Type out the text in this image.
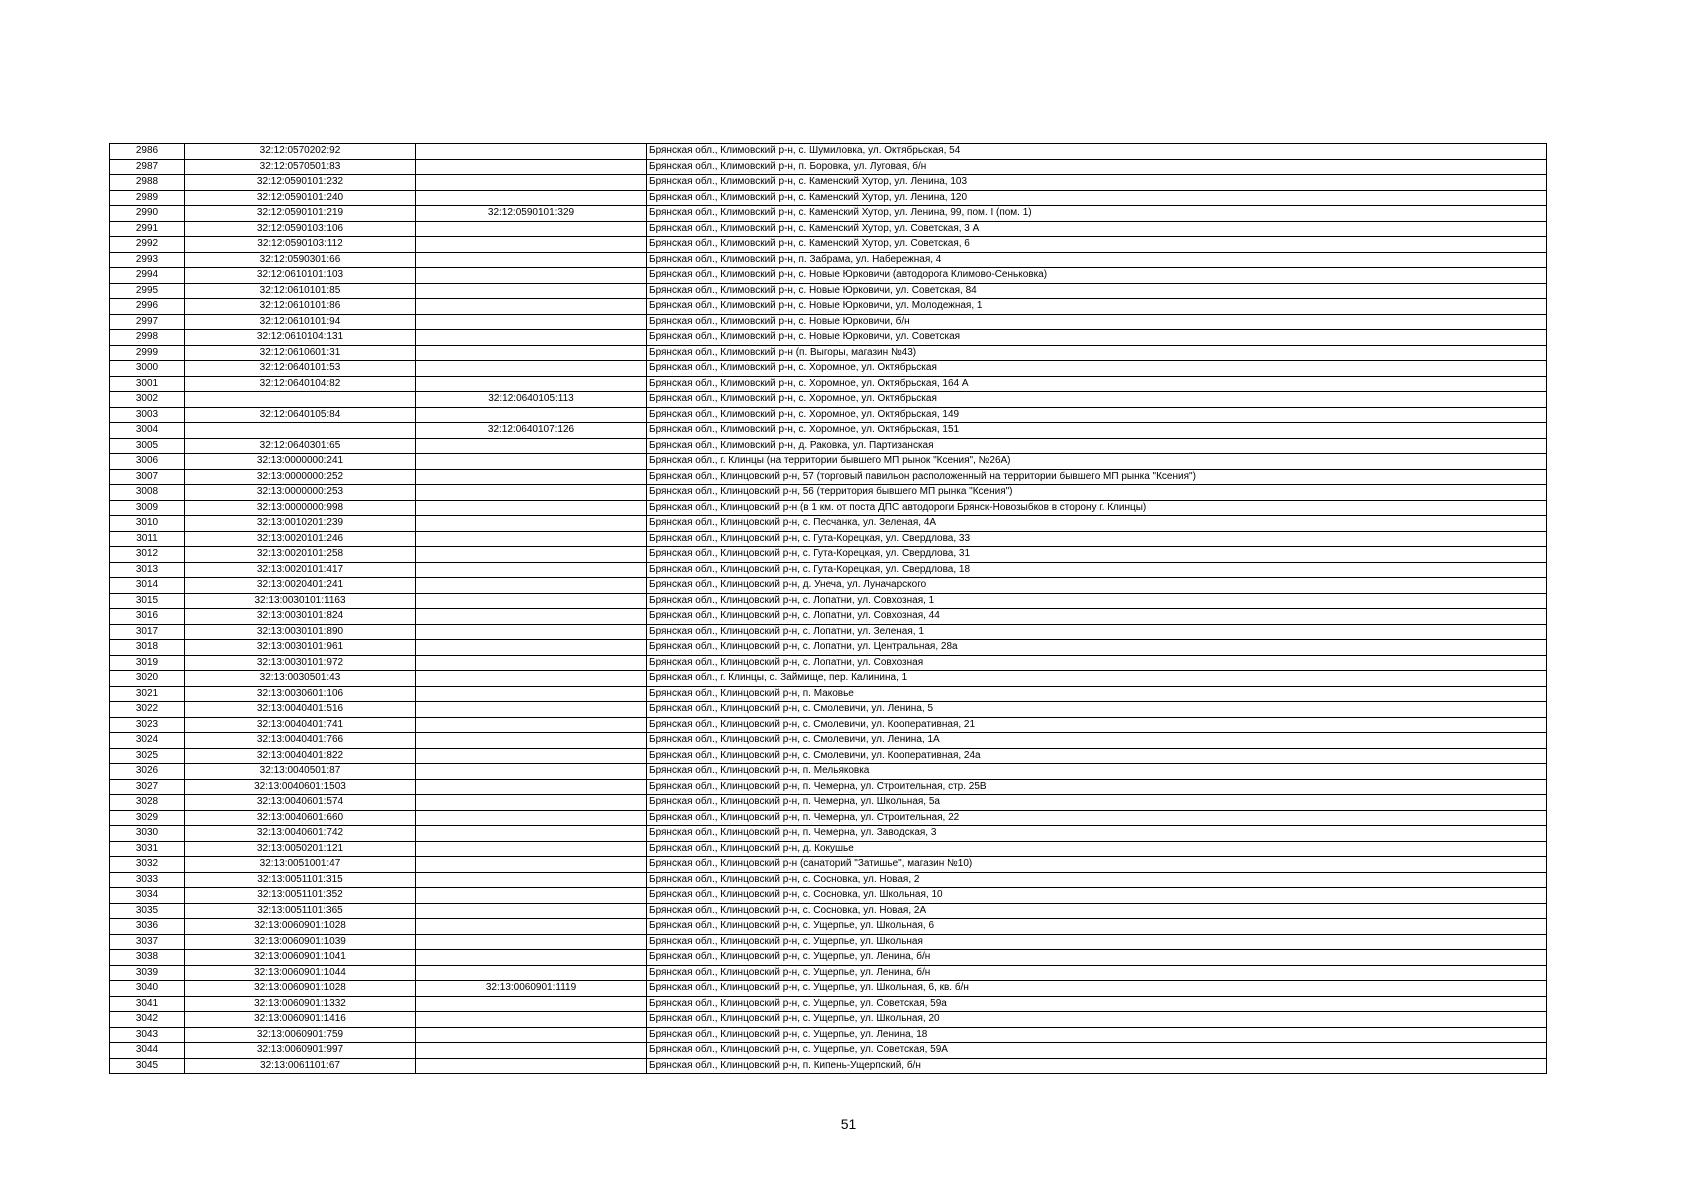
2986	32:12:0570202:92		Брянская обл., Климовский р-н, с. Шумиловка, ул. Октябрьская, 54
2987	32:12:0570501:83		Брянская обл., Климовский р-н, п. Боровка, ул. Луговая, б/н
2988	32:12:0590101:232		Брянская обл., Климовский р-н, с. Каменский Хутор, ул. Ленина, 103
2989	32:12:0590101:240		Брянская обл., Климовский р-н, с. Каменский Хутор, ул. Ленина, 120
2990	32:12:0590101:219	32:12:0590101:329	Брянская обл., Климовский р-н, с. Каменский Хутор, ул. Ленина, 99, пом. I (пом. 1)
2991	32:12:0590103:106		Брянская обл., Климовский р-н, с. Каменский Хутор, ул. Советская, 3 А
2992	32:12:0590103:112		Брянская обл., Климовский р-н, с. Каменский Хутор, ул. Советская, 6
2993	32:12:0590301:66		Брянская обл., Климовский р-н, п. Забрама, ул. Набережная, 4
2994	32:12:0610101:103		Брянская обл., Климовский р-н, с. Новые Юрковичи (автодорога Климово-Сеньковка)
2995	32:12:0610101:85		Брянская обл., Климовский р-н, с. Новые Юрковичи, ул. Советская, 84
2996	32:12:0610101:86		Брянская обл., Климовский р-н, с. Новые Юрковичи, ул. Молодежная, 1
2997	32:12:0610101:94		Брянская обл., Климовский р-н, с. Новые Юрковичи, б/н
2998	32:12:0610104:131		Брянская обл., Климовский р-н, с. Новые Юрковичи, ул. Советская
2999	32:12:0610601:31		Брянская обл., Климовский р-н (п. Выгоры, магазин №43)
3000	32:12:0640101:53		Брянская обл., Климовский р-н, с. Хоромное, ул. Октябрьская
3001	32:12:0640104:82		Брянская обл., Климовский р-н, с. Хоромное, ул. Октябрьская, 164 А
3002		32:12:0640105:113	Брянская обл., Климовский р-н, с. Хоромное, ул. Октябрьская
3003	32:12:0640105:84		Брянская обл., Климовский р-н, с. Хоромное, ул. Октябрьская, 149
3004		32:12:0640107:126	Брянская обл., Климовский р-н, с. Хоромное, ул. Октябрьская, 151
3005	32:12:0640301:65		Брянская обл., Климовский р-н, д. Раковка, ул. Партизанская
3006	32:13:0000000:241		Брянская обл., г. Клинцы (на территории бывшего МП рынок "Ксения", №26А)
3007	32:13:0000000:252		Брянская обл., Клинцовский р-н, 57 (торговый павильон расположенный на территории бывшего МП рынка "Ксения")
3008	32:13:0000000:253		Брянская обл., Клинцовский р-н, 56 (территория бывшего МП рынка "Ксения")
3009	32:13:0000000:998		Брянская обл., Клинцовский р-н (в 1 км. от поста ДПС автодороги Брянск-Новозыбков в сторону г. Клинцы)
3010	32:13:0010201:239		Брянская обл., Клинцовский р-н, с. Песчанка, ул. Зеленая, 4А
3011	32:13:0020101:246		Брянская обл., Клинцовский р-н, с. Гута-Корецкая, ул. Свердлова, 33
3012	32:13:0020101:258		Брянская обл., Клинцовский р-н, с. Гута-Корецкая, ул. Свердлова, 31
3013	32:13:0020101:417		Брянская обл., Клинцовский р-н, с. Гута-Корецкая, ул. Свердлова, 18
3014	32:13:0020401:241		Брянская обл., Клинцовский р-н, д. Унеча, ул. Луначарского
3015	32:13:0030101:1163		Брянская обл., Клинцовский р-н, с. Лопатни, ул. Совхозная, 1
3016	32:13:0030101:824		Брянская обл., Клинцовский р-н, с. Лопатни, ул. Совхозная, 44
3017	32:13:0030101:890		Брянская обл., Клинцовский р-н, с. Лопатни, ул. Зеленая, 1
3018	32:13:0030101:961		Брянская обл., Клинцовский р-н, с. Лопатни, ул. Центральная, 28а
3019	32:13:0030101:972		Брянская обл., Клинцовский р-н, с. Лопатни, ул. Совхозная
3020	32:13:0030501:43		Брянская обл., г. Клинцы, с. Займище, пер. Калинина, 1
3021	32:13:0030601:106		Брянская обл., Клинцовский р-н, п. Маковье
3022	32:13:0040401:516		Брянская обл., Клинцовский р-н, с. Смолевичи, ул. Ленина, 5
3023	32:13:0040401:741		Брянская обл., Клинцовский р-н, с. Смолевичи, ул. Кооперативная, 21
3024	32:13:0040401:766		Брянская обл., Клинцовский р-н, с. Смолевичи, ул. Ленина, 1А
3025	32:13:0040401:822		Брянская обл., Клинцовский р-н, с. Смолевичи, ул. Кооперативная, 24а
3026	32:13:0040501:87		Брянская обл., Клинцовский р-н, п. Мельяковка
3027	32:13:0040601:1503		Брянская обл., Клинцовский р-н, п. Чемерна, ул. Строительная, стр. 25В
3028	32:13:0040601:574		Брянская обл., Клинцовский р-н, п. Чемерна, ул. Школьная, 5а
3029	32:13:0040601:660		Брянская обл., Клинцовский р-н, п. Чемерна, ул. Строительная, 22
3030	32:13:0040601:742		Брянская обл., Клинцовский р-н, п. Чемерна, ул. Заводская, 3
3031	32:13:0050201:121		Брянская обл., Клинцовский р-н, д. Кокушье
3032	32:13:0051001:47		Брянская обл., Клинцовский р-н (санаторий "Затишье", магазин №10)
3033	32:13:0051101:315		Брянская обл., Клинцовский р-н, с. Сосновка, ул. Новая, 2
3034	32:13:0051101:352		Брянская обл., Клинцовский р-н, с. Сосновка, ул. Школьная, 10
3035	32:13:0051101:365		Брянская обл., Клинцовский р-н, с. Сосновка, ул. Новая, 2А
3036	32:13:0060901:1028		Брянская обл., Клинцовский р-н, с. Ущерпье, ул. Школьная, 6
3037	32:13:0060901:1039		Брянская обл., Клинцовский р-н, с. Ущерпье, ул. Школьная
3038	32:13:0060901:1041		Брянская обл., Клинцовский р-н, с. Ущерпье, ул. Ленина, б/н
3039	32:13:0060901:1044		Брянская обл., Клинцовский р-н, с. Ущерпье, ул. Ленина, б/н
3040	32:13:0060901:1028	32:13:0060901:1119	Брянская обл., Клинцовский р-н, с. Ущерпье, ул. Школьная, 6, кв. б/н
3041	32:13:0060901:1332		Брянская обл., Клинцовский р-н, с. Ущерпье, ул. Советская, 59а
3042	32:13:0060901:1416		Брянская обл., Клинцовский р-н, с. Ущерпье, ул. Школьная, 20
3043	32:13:0060901:759		Брянская обл., Клинцовский р-н, с. Ущерпье, ул. Ленина, 18
3044	32:13:0060901:997		Брянская обл., Клинцовский р-н, с. Ущерпье, ул. Советская, 59А
3045	32:13:0061101:67		Брянская обл., Клинцовский р-н, п. Кипень-Ущерпский, б/н
51
